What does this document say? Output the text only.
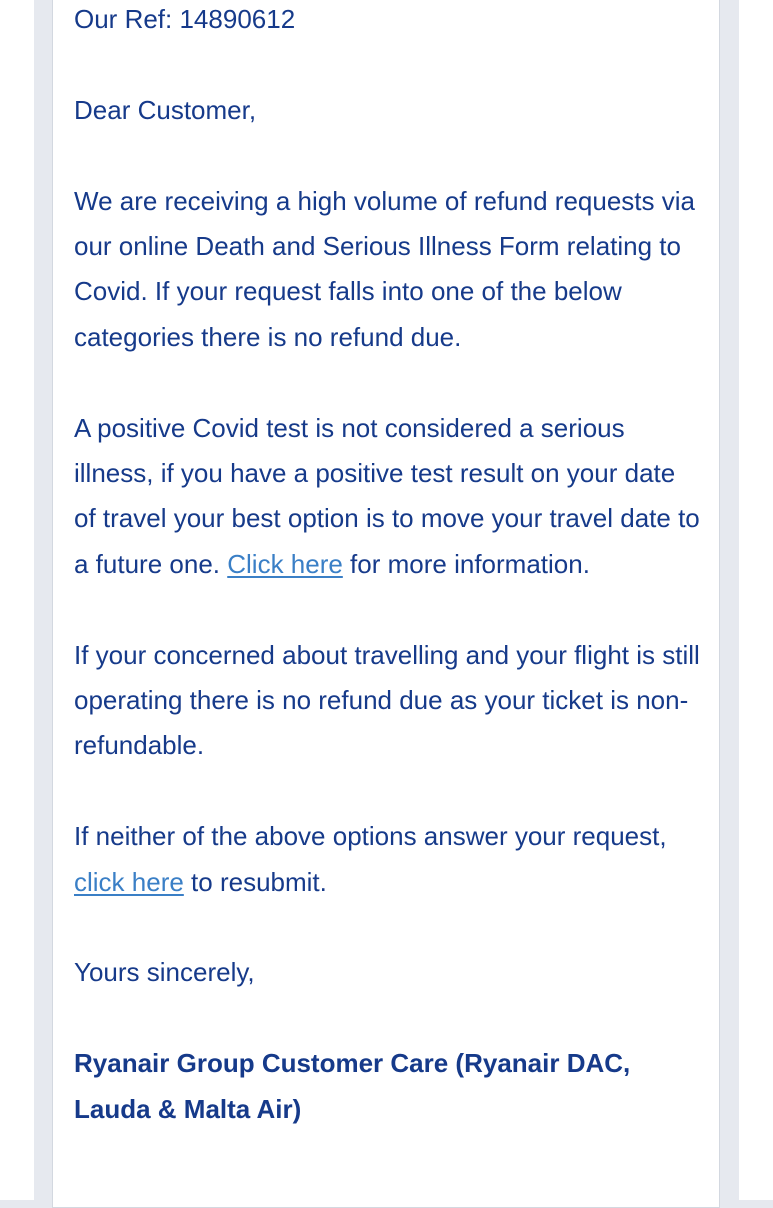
Our Ref: 14890612

Dear Customer,

We are receiving a high volume of refund requests via our online Death and Serious Illness Form relating to Covid. If your request falls into one of the below categories there is no refund due.

A positive Covid test is not considered a serious illness, if you have a positive test result on your date of travel your best option is to move your travel date to a future one. Click here for more information.

If your concerned about travelling and your flight is still operating there is no refund due as your ticket is non-refundable.

If neither of the above options answer your request, click here to resubmit.

Yours sincerely,

Ryanair Group Customer Care (Ryanair DAC, Lauda & Malta Air)
